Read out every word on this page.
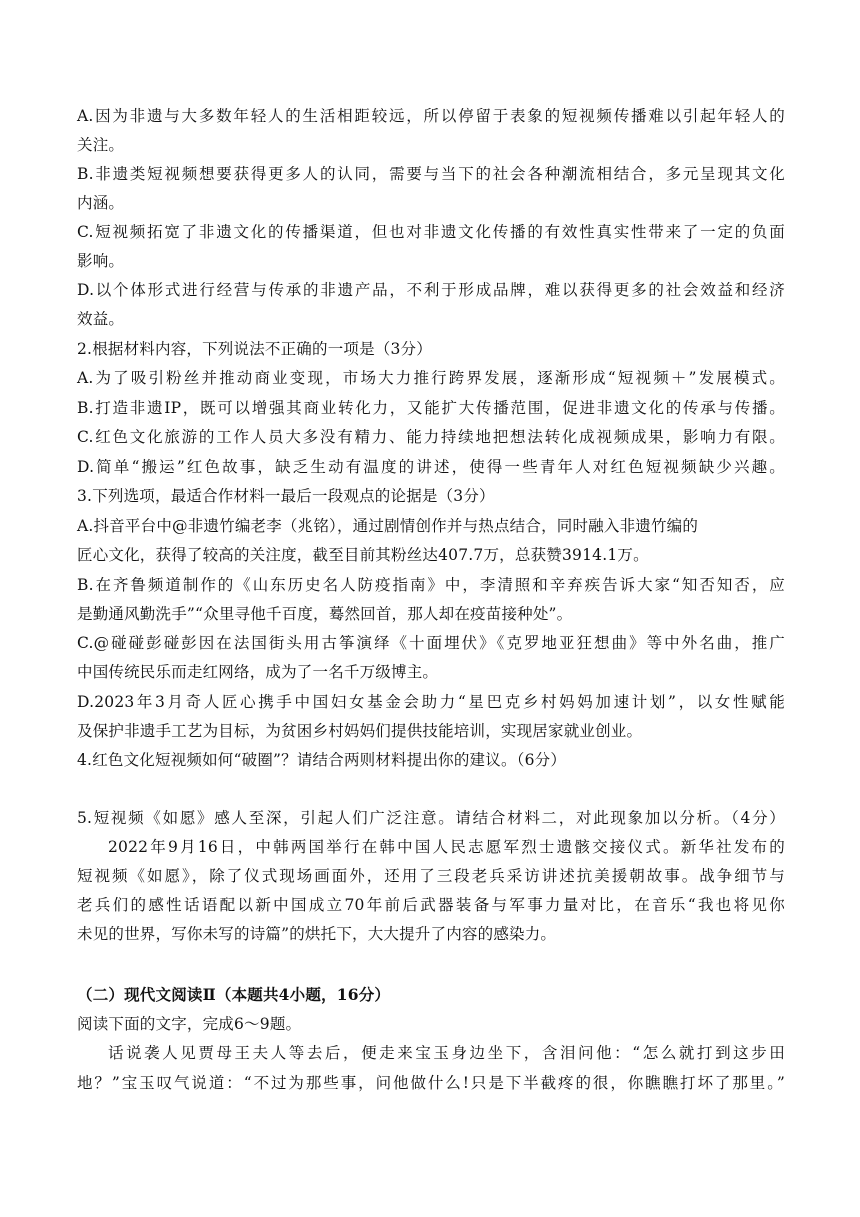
A.因为非遗与大多数年轻人的生活相距较远，所以停留于表象的短视频传播难以引起年轻人的
关注。
B.非遗类短视频想要获得更多人的认同，需要与当下的社会各种潮流相结合，多元呈现其文化
内涵。
C.短视频拓宽了非遗文化的传播渠道，但也对非遗文化传播的有效性真实性带来了一定的负面
影响。
D.以个体形式进行经营与传承的非遗产品，不利于形成品牌，难以获得更多的社会效益和经济
效益。
2.根据材料内容，下列说法不正确的一项是（3分）
A.为了吸引粉丝并推动商业变现，市场大力推行跨界发展，逐渐形成“短视频＋”发展模式。
B.打造非遗IP，既可以增强其商业转化力，又能扩大传播范围，促进非遗文化的传承与传播。
C.红色文化旅游的工作人员大多没有精力、能力持续地把想法转化成视频成果，影响力有限。
D.简单“搬运”红色故事，缺乏生动有温度的讲述，使得一些青年人对红色短视频缺少兴趣。
3.下列选项，最适合作材料一最后一段观点的论据是（3分）
A.抖音平台中@非遗竹编老李（兆铭），通过剧情创作并与热点结合，同时融入非遗竹编的
匠心文化，获得了较高的关注度，截至目前其粉丝达407.7万，总获赞3914.1万。
B.在齐鲁频道制作的《山东历史名人防疫指南》中，李清照和辛弃疾告诉大家“知否知否，应
是勤通风勤洗手”“众里寻他千百度，蓦然回首，那人却在疫苗接种处”。
C.@碰碰彭碰彭因在法国街头用古筝演绎《十面埋伏》《克罗地亚狂想曲》等中外名曲，推广
中国传统民乐而走红网络，成为了一名千万级博主。
D.2023年3月奇人匠心携手中国妇女基金会助力“星巴克乡村妈妈加速计划”，以女性赋能
及保护非遗手工艺为目标，为贫困乡村妈妈们提供技能培训，实现居家就业创业。
4.红色文化短视频如何“破圈”？请结合两则材料提出你的建议。（6分）
5.短视频《如愿》感人至深，引起人们广泛注意。请结合材料二，对此现象加以分析。（4分）
2022年9月16日，中韩两国举行在韩中国人民志愿军烈士遗骸交接仪式。新华社发布的
短视频《如愿》，除了仪式现场画面外，还用了三段老兵采访讲述抗美援朝故事。战争细节与
老兵们的感性话语配以新中国成立70年前后武器装备与军事力量对比，在音乐“我也将见你
未见的世界，写你未写的诗篇”的烘托下，大大提升了内容的感染力。
（二）现代文阅读Ⅱ（本题共4小题，16分）
阅读下面的文字，完成6～9题。
话说袭人见贾母王夫人等去后，便走来宝玉身边坐下，含泪问他：“怎么就打到这步田
地？”宝玉叹气说道：“不过为那些事，问他做什么!只是下半截疼的很，你瞧瞧打坏了那里。”
